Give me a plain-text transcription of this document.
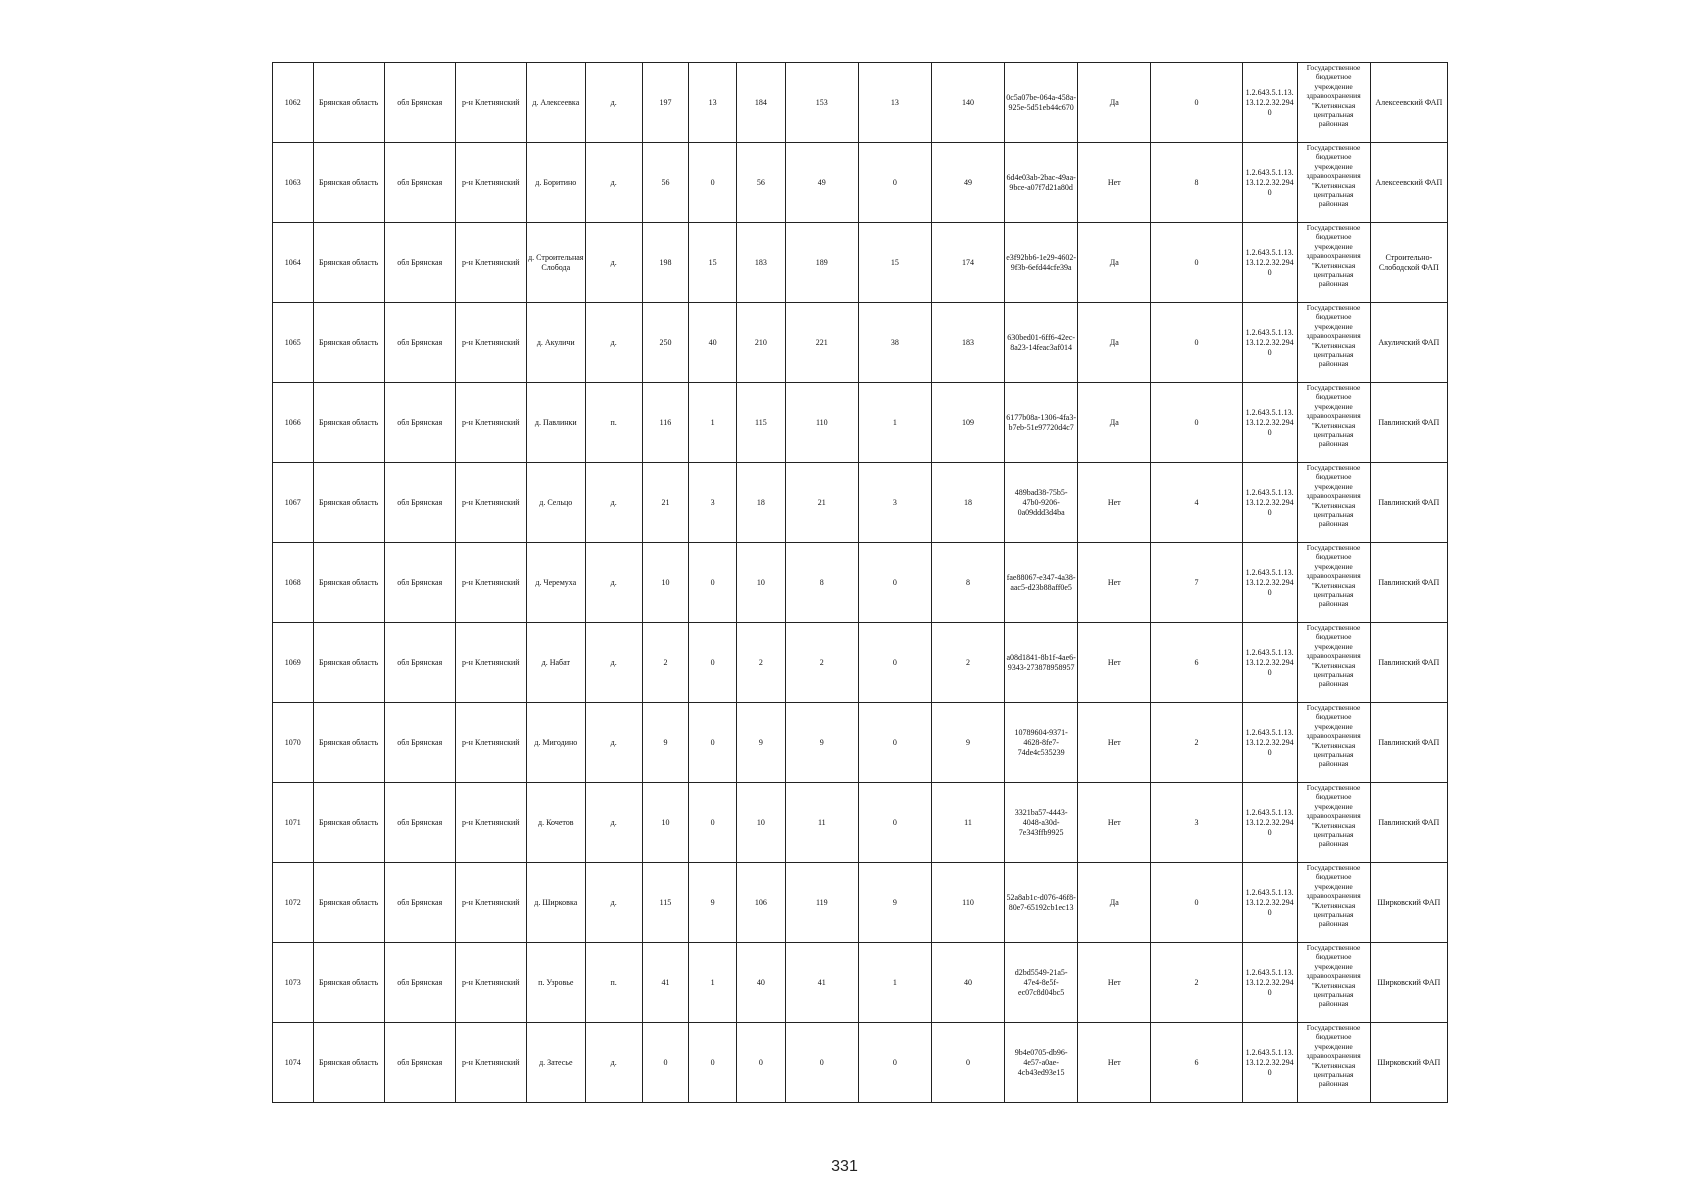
1062	Брянская область	обл Брянская	р-н Клетнянский	д. Алексеевка	д.	197	13	184	153	13	140	0c5a07be-064a-458a-925e-5d51eb44c670	Да	0	1.2.643.5.1.13.13.12.2.32.2940	Государственное бюджетное учреждение здравоохранения "Клетнянская центральная районная	Алексеевский ФАП
1063	Брянская область	обл Брянская	р-н Клетнянский	д. Боритино	д.	56	0	56	49	0	49	6d4e03ab-2bac-49aa-9bce-a07f7d21a80d	Нет	8	1.2.643.5.1.13.13.12.2.32.2940	Государственное бюджетное учреждение здравоохранения "Клетнянская центральная районная	Алексеевский ФАП
1064	Брянская область	обл Брянская	р-н Клетнянский	д. Строительная Слобода	д.	198	15	183	189	15	174	e3f92bb6-1e29-4602-9f3b-6efd44cfe39a	Да	0	1.2.643.5.1.13.13.12.2.32.2940	Государственное бюджетное учреждение здравоохранения "Клетнянская центральная районная	Строительно-Слободской ФАП
1065	Брянская область	обл Брянская	р-н Клетнянский	д. Акуличи	д.	250	40	210	221	38	183	630bed01-6ff6-42ec-8a23-14feac3af014	Да	0	1.2.643.5.1.13.13.12.2.32.2940	Государственное бюджетное учреждение здравоохранения "Клетнянская центральная районная	Акуличский ФАП
1066	Брянская область	обл Брянская	р-н Клетнянский	д. Павлинки	п.	116	1	115	110	1	109	6177b08a-1306-4fa3-b7eb-51e97720d4c7	Да	0	1.2.643.5.1.13.13.12.2.32.2940	Государственное бюджетное учреждение здравоохранения "Клетнянская центральная районная	Павлинский ФАП
1067	Брянская область	обл Брянская	р-н Клетнянский	д. Сельцо	д.	21	3	18	21	3	18	489bad38-75b5-47b0-9206-0a09ddd3d4ba	Нет	4	1.2.643.5.1.13.13.12.2.32.2940	Государственное бюджетное учреждение здравоохранения "Клетнянская центральная районная	Павлинский ФАП
1068	Брянская область	обл Брянская	р-н Клетнянский	д. Черемуха	д.	10	0	10	8	0	8	fae88067-e347-4a38-aac5-d23b88aff0e5	Нет	7	1.2.643.5.1.13.13.12.2.32.2940	Государственное бюджетное учреждение здравоохранения "Клетнянская центральная районная	Павлинский ФАП
1069	Брянская область	обл Брянская	р-н Клетнянский	д. Набат	д.	2	0	2	2	0	2	a08d1841-8b1f-4ae6-9343-273878958957	Нет	6	1.2.643.5.1.13.13.12.2.32.2940	Государственное бюджетное учреждение здравоохранения "Клетнянская центральная районная	Павлинский ФАП
1070	Брянская область	обл Брянская	р-н Клетнянский	д. Мигодино	д.	9	0	9	9	0	9	10789604-9371-4628-8fe7-74de4c535239	Нет	2	1.2.643.5.1.13.13.12.2.32.2940	Государственное бюджетное учреждение здравоохранения "Клетнянская центральная районная	Павлинский ФАП
1071	Брянская область	обл Брянская	р-н Клетнянский	д. Кочетов	д.	10	0	10	11	0	11	3321ba57-4443-4048-a30d-7e343ffb9925	Нет	3	1.2.643.5.1.13.13.12.2.32.2940	Государственное бюджетное учреждение здравоохранения "Клетнянская центральная районная	Павлинский ФАП
1072	Брянская область	обл Брянская	р-н Клетнянский	д. Ширковка	д.	115	9	106	119	9	110	52a8ab1c-d076-46f8-80e7-65192cb1ec13	Да	0	1.2.643.5.1.13.13.12.2.32.2940	Государственное бюджетное учреждение здравоохранения "Клетнянская центральная районная	Ширковский ФАП
1073	Брянская область	обл Брянская	р-н Клетнянский	п. Узровье	п.	41	1	40	41	1	40	d2bd5549-21a5-47e4-8e5f-ec07c8d04bc5	Нет	2	1.2.643.5.1.13.13.12.2.32.2940	Государственное бюджетное учреждение здравоохранения "Клетнянская центральная районная	Ширковский ФАП
1074	Брянская область	обл Брянская	р-н Клетнянский	д. Затесье	д.	0	0	0	0	0	0	9b4e0705-db96-4e57-a0ae-4cb43ed93e15	Нет	6	1.2.643.5.1.13.13.12.2.32.2940	Государственное бюджетное учреждение здравоохранения "Клетнянская центральная районная	Ширковский ФАП
331
